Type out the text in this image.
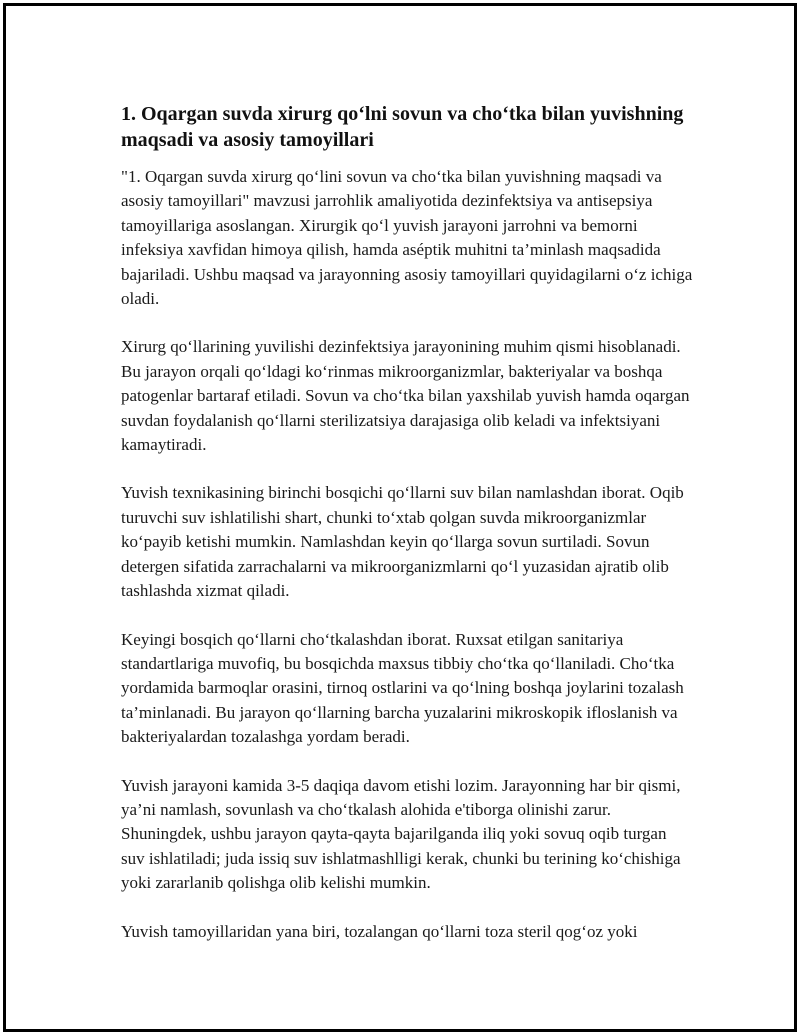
1. Oqargan suvda xirurg qo‘lni sovun va cho‘tka bilan yuvishning maqsadi va asosiy tamoyillari

"1. Oqargan suvda xirurg qo‘lini sovun va cho‘tka bilan yuvishning maqsadi va asosiy tamoyillari" mavzusi jarrohlik amaliyotida dezinfektsiya va antisepsiya tamoyillariga asoslangan. Xirurgik qo‘l yuvish jarayoni jarrohni va bemorni infeksiya xavfidan himoya qilish, hamda aséptik muhitni ta’minlash maqsadida bajariladi. Ushbu maqsad va jarayonning asosiy tamoyillari quyidagilarni o‘z ichiga oladi.

Xirurg qo‘llarining yuvilishi dezinfektsiya jarayonining muhim qismi hisoblanadi. Bu jarayon orqali qo‘ldagi ko‘rinmas mikroorganizmlar, bakteriyalar va boshqa patogenlar bartaraf etiladi. Sovun va cho‘tka bilan yaxshilab yuvish hamda oqargan suvdan foydalanish qo‘llarni sterilizatsiya darajasiga olib keladi va infektsiyani kamaytiradi.

Yuvish texnikasining birinchi bosqichi qo‘llarni suv bilan namlashdan iborat. Oqib turuvchi suv ishlatilishi shart, chunki to‘xtab qolgan suvda mikroorganizmlar ko‘payib ketishi mumkin. Namlashdan keyin qo‘llarga sovun surtiladi. Sovun detergen sifatida zarrachalarni va mikroorganizmlarni qo‘l yuzasidan ajratib olib tashlashda xizmat qiladi.

Keyingi bosqich qo‘llarni cho‘tkalashdan iborat. Ruxsat etilgan sanitariya standartlariga muvofiq, bu bosqichda maxsus tibbiy cho‘tka qo‘llaniladi. Cho‘tka yordamida barmoqlar orasini, tirnoq ostlarini va qo‘lning boshqa joylarini tozalash ta’minlanadi. Bu jarayon qo‘llarning barcha yuzalarini mikroskopik ifloslanish va bakteriyalardan tozalashga yordam beradi.

Yuvish jarayoni kamida 3-5 daqiqa davom etishi lozim. Jarayonning har bir qismi, ya’ni namlash, sovunlash va cho‘tkalash alohida e'tiborga olinishi zarur. Shuningdek, ushbu jarayon qayta-qayta bajarilganda iliq yoki sovuq oqib turgan suv ishlatiladi; juda issiq suv ishlatmashlligi kerak, chunki bu terining ko‘chishiga yoki zararlanib qolishga olib kelishi mumkin.

Yuvish tamoyillaridan yana biri, tozalangan qo‘llarni toza steril qog‘oz yoki
